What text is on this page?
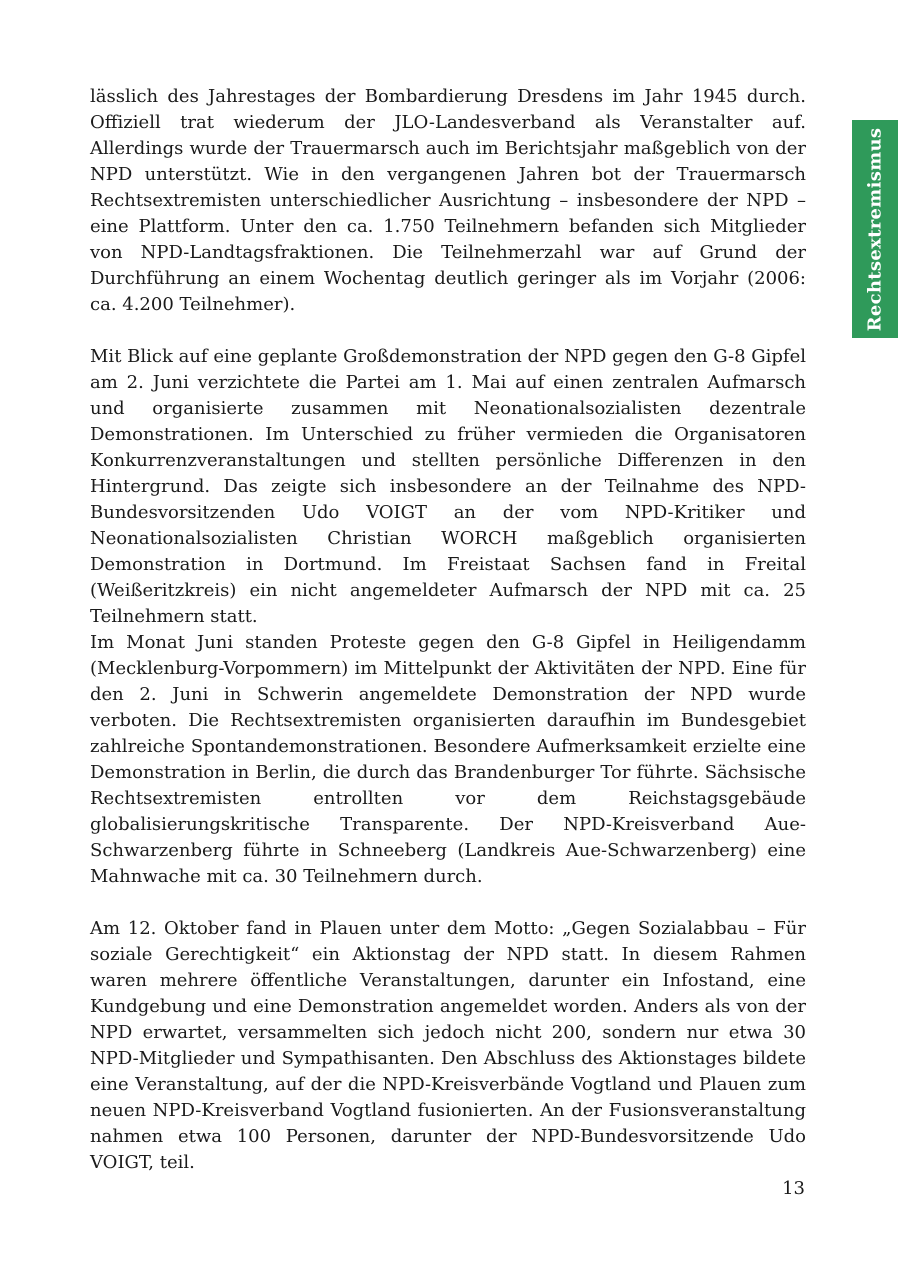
Rechtsextremismus

lässlich des Jahrestages der Bombardierung Dresdens im Jahr 1945 durch. Offiziell trat wiederum der JLO-Landesverband als Veranstalter auf. Allerdings wurde der Trauermarsch auch im Berichtsjahr maßgeblich von der NPD unterstützt. Wie in den vergangenen Jahren bot der Trauermarsch Rechtsextremisten unterschiedlicher Ausrichtung – insbesondere der NPD – eine Plattform. Unter den ca. 1.750 Teilnehmern befanden sich Mitglieder von NPD-Landtagsfraktionen. Die Teilnehmerzahl war auf Grund der Durchführung an einem Wochentag deutlich geringer als im Vorjahr (2006: ca. 4.200 Teilnehmer).

Mit Blick auf eine geplante Großdemonstration der NPD gegen den G-8 Gipfel am 2. Juni verzichtete die Partei am 1. Mai auf einen zentralen Aufmarsch und organisierte zusammen mit Neonationalsozialisten dezentrale Demonstrationen. Im Unterschied zu früher vermieden die Organisatoren Konkurrenzveranstaltungen und stellten persönliche Differenzen in den Hintergrund. Das zeigte sich insbesondere an der Teilnahme des NPD-Bundesvorsitzenden Udo VOIGT an der vom NPD-Kritiker und Neonationalsozialisten Christian WORCH maßgeblich organisierten Demonstration in Dortmund. Im Freistaat Sachsen fand in Freital (Weißeritzkreis) ein nicht angemeldeter Aufmarsch der NPD mit ca. 25 Teilnehmern statt.

Im Monat Juni standen Proteste gegen den G-8 Gipfel in Heiligendamm (Mecklenburg-Vorpommern) im Mittelpunkt der Aktivitäten der NPD. Eine für den 2. Juni in Schwerin angemeldete Demonstration der NPD wurde verboten. Die Rechtsextremisten organisierten daraufhin im Bundesgebiet zahlreiche Spontandemonstrationen. Besondere Aufmerksamkeit erzielte eine Demonstration in Berlin, die durch das Brandenburger Tor führte. Sächsische Rechtsextremisten entrollten vor dem Reichstagsgebäude globalisierungskritische Transparente. Der NPD-Kreisverband Aue-Schwarzenberg führte in Schneeberg (Landkreis Aue-Schwarzenberg) eine Mahnwache mit ca. 30 Teilnehmern durch.

Am 12. Oktober fand in Plauen unter dem Motto: „Gegen Sozialabbau – Für soziale Gerechtigkeit“ ein Aktionstag der NPD statt. In diesem Rahmen waren mehrere öffentliche Veranstaltungen, darunter ein Infostand, eine Kundgebung und eine Demonstration angemeldet worden. Anders als von der NPD erwartet, versammelten sich jedoch nicht 200, sondern nur etwa 30 NPD-Mitglieder und Sympathisanten. Den Abschluss des Aktionstages bildete eine Veranstaltung, auf der die NPD-Kreisverbände Vogtland und Plauen zum neuen NPD-Kreisverband Vogtland fusionierten. An der Fusionsveranstaltung nahmen etwa 100 Personen, darunter der NPD-Bundesvorsitzende Udo VOIGT, teil.

13
